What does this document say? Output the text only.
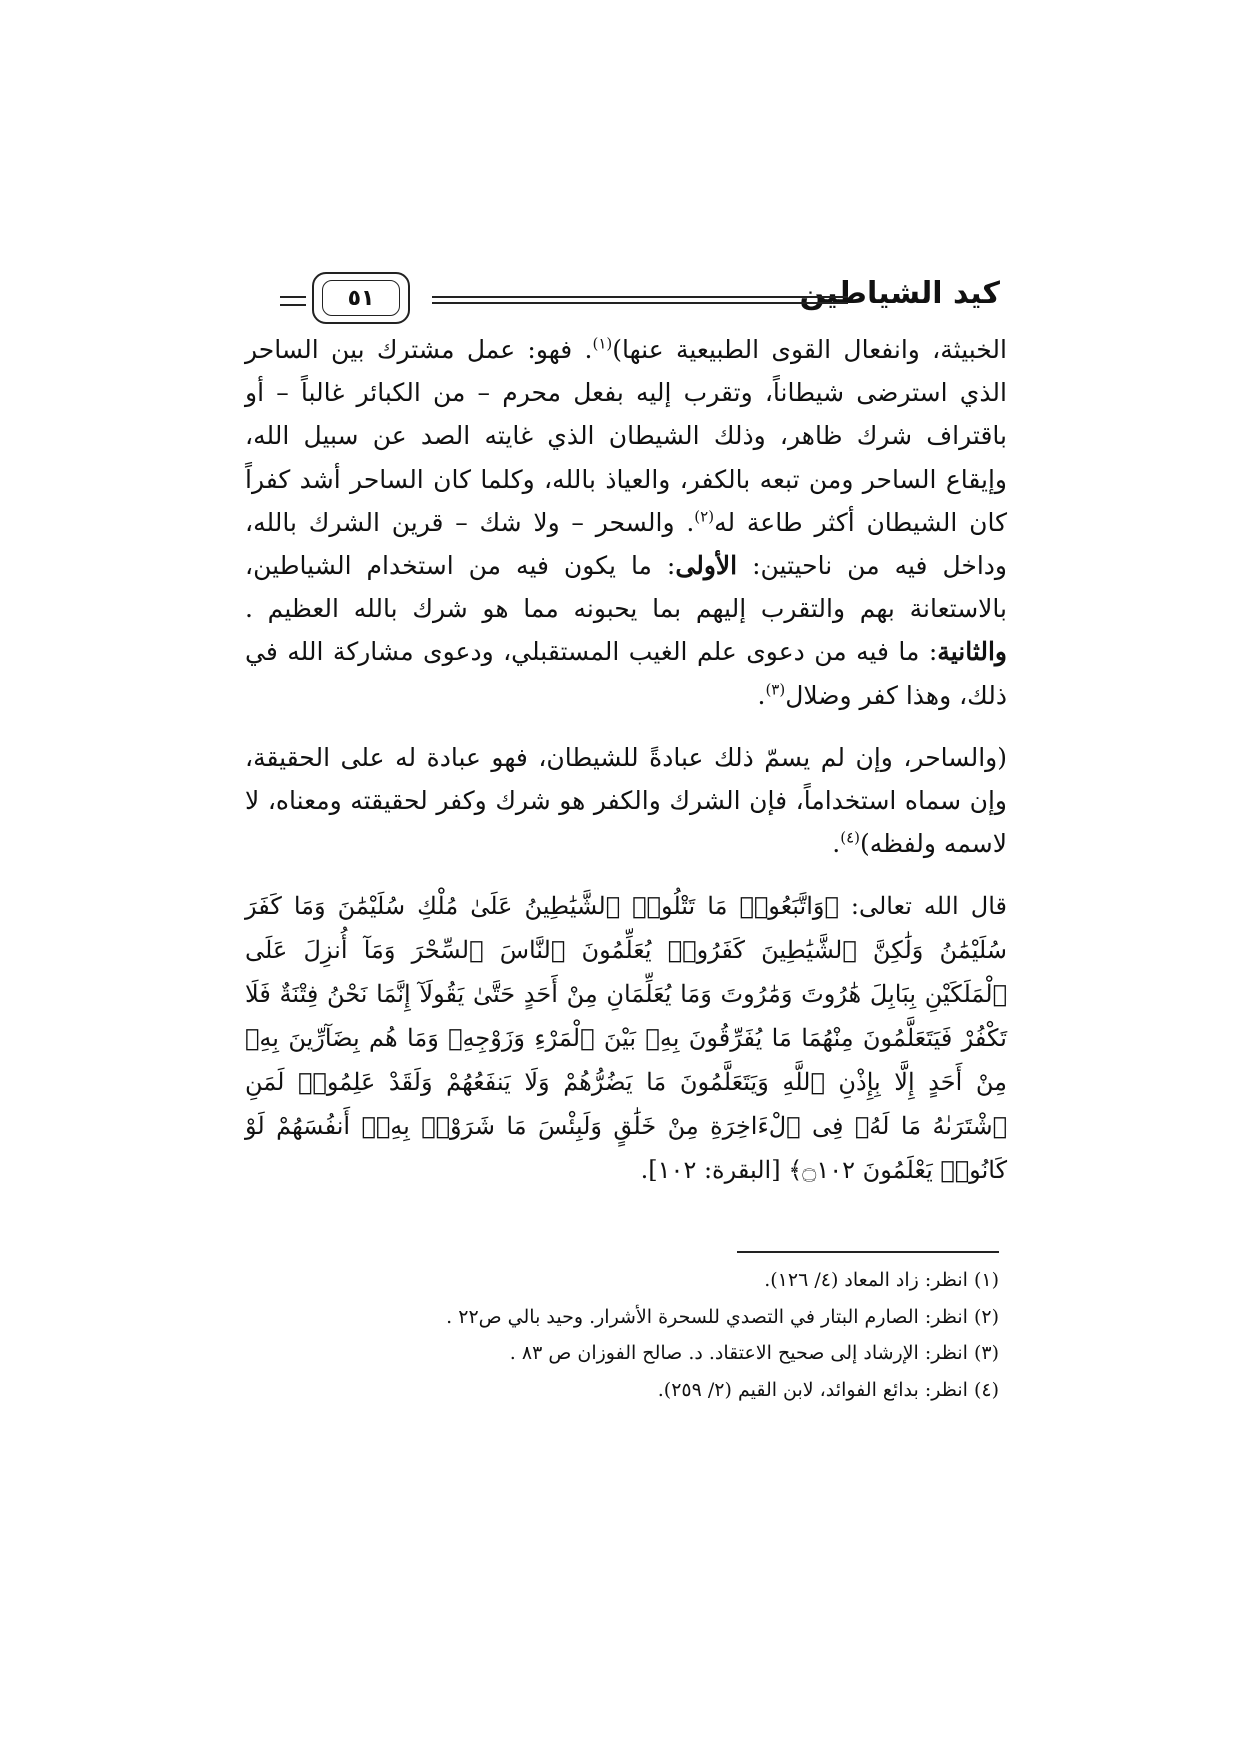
كيد الشياطين
٥١

الخبيثة، وانفعال القوى الطبيعية عنها)$^{(١)}$. فهو: عمل مشترك بين الساحر الذي استرضى شيطاناً، وتقرب إليه بفعل محرم – من الكبائر غالباً – أو باقتراف شرك ظاهر، وذلك الشيطان الذي غايته الصد عن سبيل الله، وإيقاع الساحر ومن تبعه بالكفر، والعياذ بالله، وكلما كان الساحر أشد كفراً كان الشيطان أكثر طاعة له$^{(٢)}$. والسحر – ولا شك – قرين الشرك بالله، وداخل فيه من ناحيتين: الأولى: ما يكون فيه من استخدام الشياطين، بالاستعانة بهم والتقرب إليهم بما يحبونه مما هو شرك بالله العظيم . والثانية: ما فيه من دعوى علم الغيب المستقبلي، ودعوى مشاركة الله في ذلك، وهذا كفر وضلال$^{(٣)}$.

(والساحر، وإن لم يسمّ ذلك عبادةً للشيطان، فهو عبادة له على الحقيقة، وإن سماه استخداماً، فإن الشرك والكفر هو شرك وكفر لحقيقته ومعناه، لا لاسمه ولفظه)$^{(٤)}$.

قال الله تعالى: ﴿وَاتَّبَعُوا۟ مَا تَتْلُوا۟ ٱلشَّيَٰطِينُ عَلَىٰ مُلْكِ سُلَيْمَٰنَ وَمَا كَفَرَ سُلَيْمَٰنُ وَلَٰكِنَّ ٱلشَّيَٰطِينَ كَفَرُوا۟ يُعَلِّمُونَ ٱلنَّاسَ ٱلسِّحْرَ وَمَآ أُنزِلَ عَلَى ٱلْمَلَكَيْنِ بِبَابِلَ هَٰرُوتَ وَمَٰرُوتَ وَمَا يُعَلِّمَانِ مِنْ أَحَدٍ حَتَّىٰ يَقُولَآ إِنَّمَا نَحْنُ فِتْنَةٌ فَلَا تَكْفُرْ فَيَتَعَلَّمُونَ مِنْهُمَا مَا يُفَرِّقُونَ بِهِۦ بَيْنَ ٱلْمَرْءِ وَزَوْجِهِۦ وَمَا هُم بِضَآرِّينَ بِهِۦ مِنْ أَحَدٍ إِلَّا بِإِذْنِ ٱللَّهِ وَيَتَعَلَّمُونَ مَا يَضُرُّهُمْ وَلَا يَنفَعُهُمْ وَلَقَدْ عَلِمُوا۟ لَمَنِ ٱشْتَرَىٰهُ مَا لَهُۥ فِى ٱلْءَاخِرَةِ مِنْ خَلَٰقٍ وَلَبِئْسَ مَا شَرَوْا۟ بِهِۦٓ أَنفُسَهُمْ لَوْ كَانُوا۟ يَعْلَمُونَ ۝١٠٢﴾ [البقرة: ١٠٢].

(١) انظر: زاد المعاد (٤/ ١٢٦).
(٢) انظر: الصارم البتار في التصدي للسحرة الأشرار. وحيد بالي ص٢٢ .
(٣) انظر: الإرشاد إلى صحيح الاعتقاد. د. صالح الفوزان ص ٨٣ .
(٤) انظر: بدائع الفوائد، لابن القيم (٢/ ٢٥٩).
